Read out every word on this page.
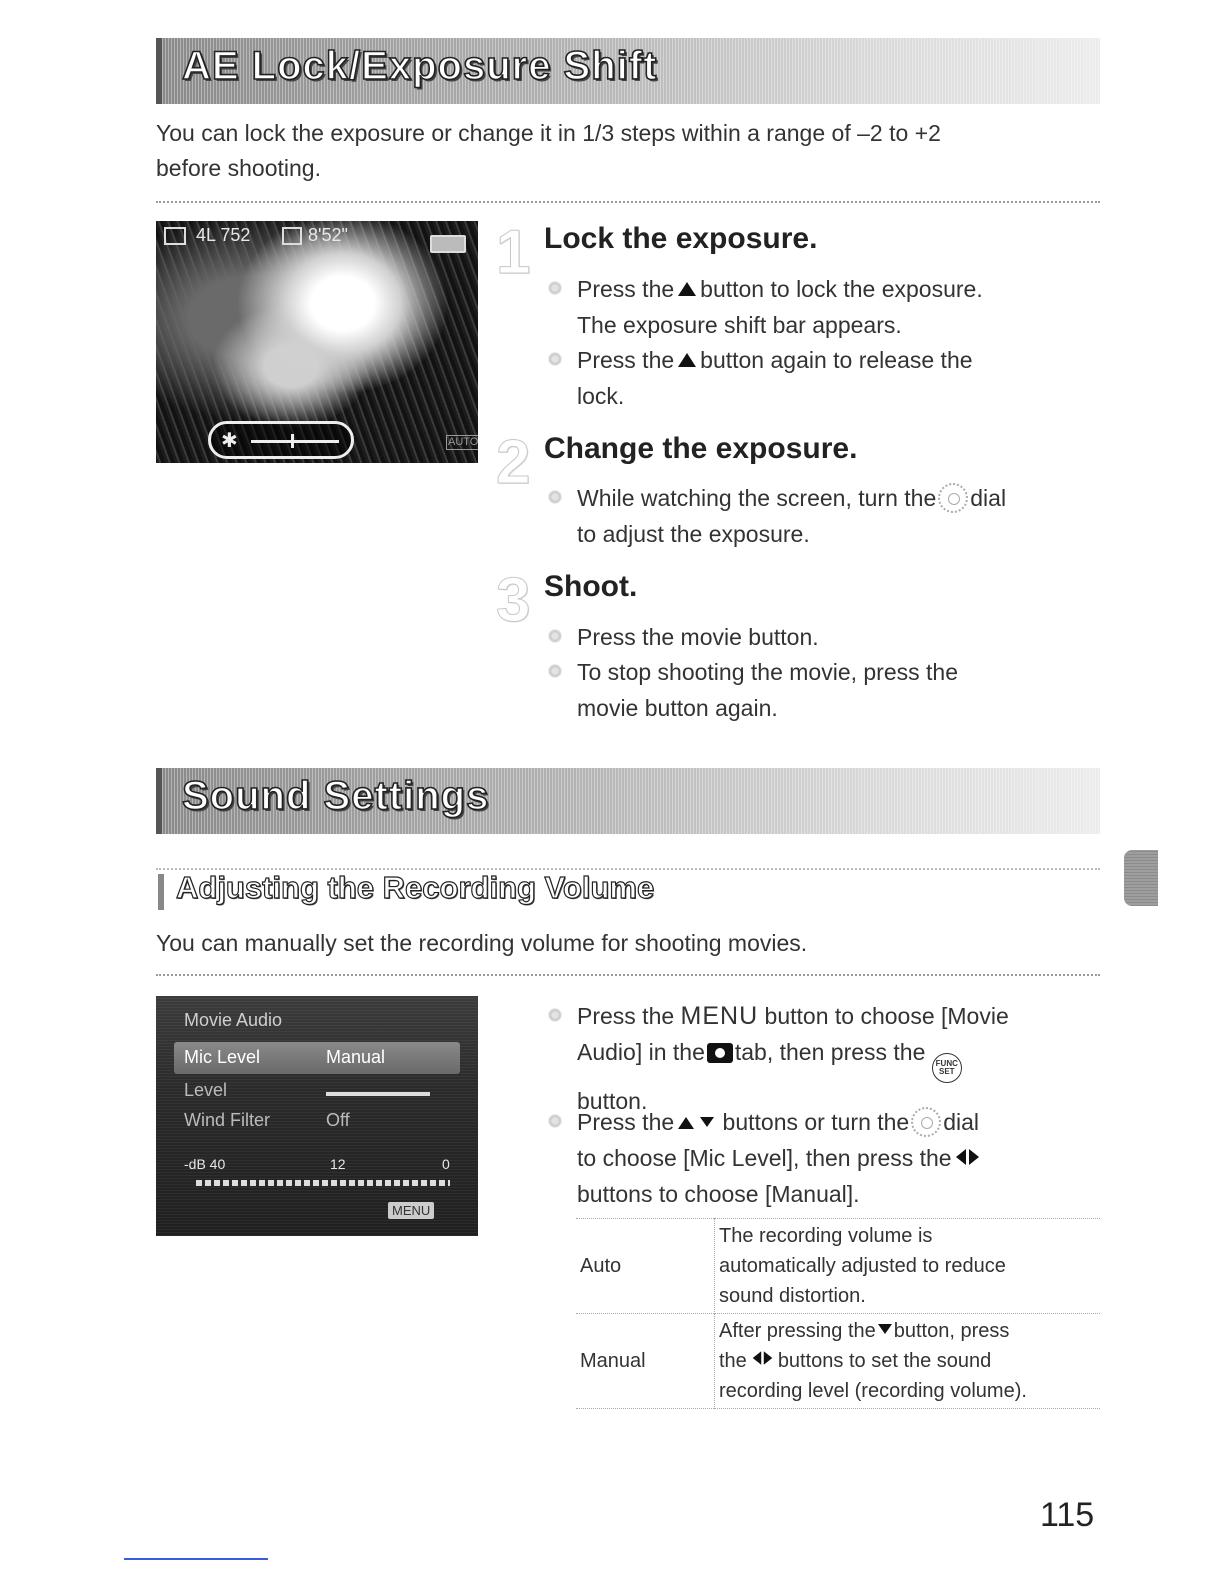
AE Lock/Exposure Shift
You can lock the exposure or change it in 1/3 steps within a range of –2 to +2
before shooting.
4L 752	8'52"
✱	AUTO
1 Lock the exposure.
Press the button to lock the exposure.
The exposure shift bar appears.
Press the button again to release the
lock.
2 Change the exposure.
While watching the screen, turn the dial
to adjust the exposure.
3 Shoot.
Press the movie button.
To stop shooting the movie, press the
movie button again.
Sound Settings
Adjusting the Recording Volume
You can manually set the recording volume for shooting movies.
Movie Audio
Mic Level	Manual
Level
Wind Filter	Off
-dB 40	12	0
MENU
Press the MENU button to choose [Movie
Audio] in the tab, then press the FUNC
SET

button.
Press the buttons or turn the dial
to choose [Mic Level], then press the

buttons to choose [Manual].
Auto	The recording volume is
automatically adjusted to reduce
sound distortion.
Manual	After pressing the button, press
the buttons to set the sound
recording level (recording volume).
115
